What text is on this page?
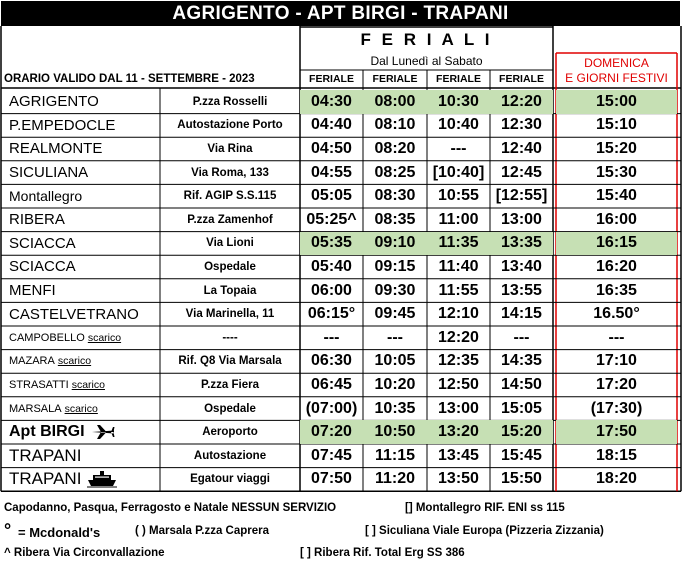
AGRIGENTO - APT BIRGI - TRAPANI
F E R I A L I
Dal Lunedì al Sabato
ORARIO VALIDO DAL 11 - SETTEMBRE - 2023	FERIALE	FERIALE	FERIALE	FERIALE
DOMENICA
E GIORNI FESTIVI
AGRIGENTO	P.zza Rosselli	04:30	08:00	10:30	12:20	15:00
P.EMPEDOCLE	Autostazione Porto	04:40	08:10	10:40	12:30	15:10
REALMONTE	Via Rina	04:50	08:20	---	12:40	15:20
SICULIANA	Via Roma, 133	04:55	08:25	[10:40]	12:45	15:30
Montallegro	Rif. AGIP S.S.115	05:05	08:30	10:55	[12:55]	15:40
RIBERA	P.zza Zamenhof	05:25^	08:35	11:00	13:00	16:00
SCIACCA	Via Lioni	05:35	09:10	11:35	13:35	16:15
SCIACCA	Ospedale	05:40	09:15	11:40	13:40	16:20
MENFI	La Topaia	06:00	09:30	11:55	13:55	16:35
CASTELVETRANO	Via Marinella, 11	06:15°	09:45	12:10	14:15	16.50°
CAMPOBELLO scarico	----	---	---	12:20	---	---
MAZARA scarico	Rif. Q8 Via Marsala	06:30	10:05	12:35	14:35	17:10
STRASATTI scarico	P.zza Fiera	06:45	10:20	12:50	14:50	17:20
MARSALA scarico	Ospedale	(07:00)	10:35	13:00	15:05	(17:30)
Apt BIRGI	Aeroporto	07:20	10:50	13:20	15:20	17:50
TRAPANI	Autostazione	07:45	11:15	13:45	15:45	18:15
TRAPANI	Egatour viaggi	07:50	11:20	13:50	15:50	18:20
Capodanno, Pasqua, Ferragosto e Natale NESSUN SERVIZIO	[] Montallegro RIF. ENI ss 115
° = Mcdonald's	( ) Marsala P.zza Caprera	[ ] Siculiana Viale Europa (Pizzeria Zizzania)
^ Ribera Via Circonvallazione	[ ] Ribera Rif. Total Erg SS 386
